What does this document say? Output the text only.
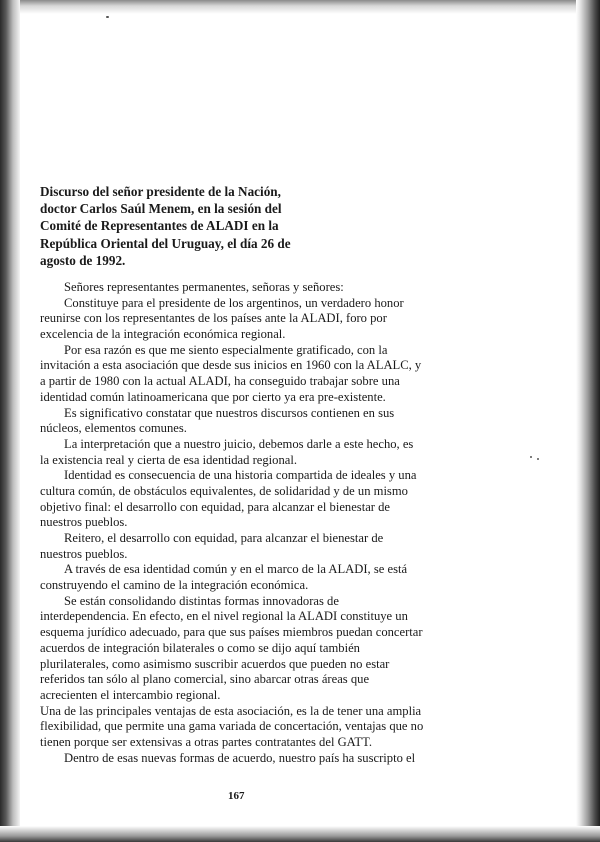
Discurso del señor presidente de la Nación,
doctor Carlos Saúl Menem, en la sesión del
Comité de Representantes de ALADI en la
República Oriental del Uruguay, el día 26 de
agosto de 1992.
Señores representantes permanentes, señoras y señores:
Constituye para el presidente de los argentinos, un verdadero honor
reunirse con los representantes de los países ante la ALADI, foro por
excelencia de la integración económica regional.
Por esa razón es que me siento especialmente gratificado, con la
invitación a esta asociación que desde sus inicios en 1960 con la ALALC, y
a partir de 1980 con la actual ALADI, ha conseguido trabajar sobre una
identidad común latinoamericana que por cierto ya era pre-existente.
Es significativo constatar que nuestros discursos contienen en sus
núcleos, elementos comunes.
La interpretación que a nuestro juicio, debemos darle a este hecho, es
la existencia real y cierta de esa identidad regional.
Identidad es consecuencia de una historia compartida de ideales y una
cultura común, de obstáculos equivalentes, de solidaridad y de un mismo
objetivo final: el desarrollo con equidad, para alcanzar el bienestar de
nuestros pueblos.
Reitero, el desarrollo con equidad, para alcanzar el bienestar de
nuestros pueblos.
A través de esa identidad común y en el marco de la ALADI, se está
construyendo el camino de la integración económica.
Se están consolidando distintas formas innovadoras de
interdependencia. En efecto, en el nivel regional la ALADI constituye un
esquema jurídico adecuado, para que sus países miembros puedan concertar
acuerdos de integración bilaterales o como se dijo aquí también
plurilaterales, como asimismo suscribir acuerdos que pueden no estar
referidos tan sólo al plano comercial, sino abarcar otras áreas que
acrecienten el intercambio regional.
Una de las principales ventajas de esta asociación, es la de tener una amplia
flexibilidad, que permite una gama variada de concertación, ventajas que no
tienen porque ser extensivas a otras partes contratantes del GATT.
Dentro de esas nuevas formas de acuerdo, nuestro país ha suscripto el
167
